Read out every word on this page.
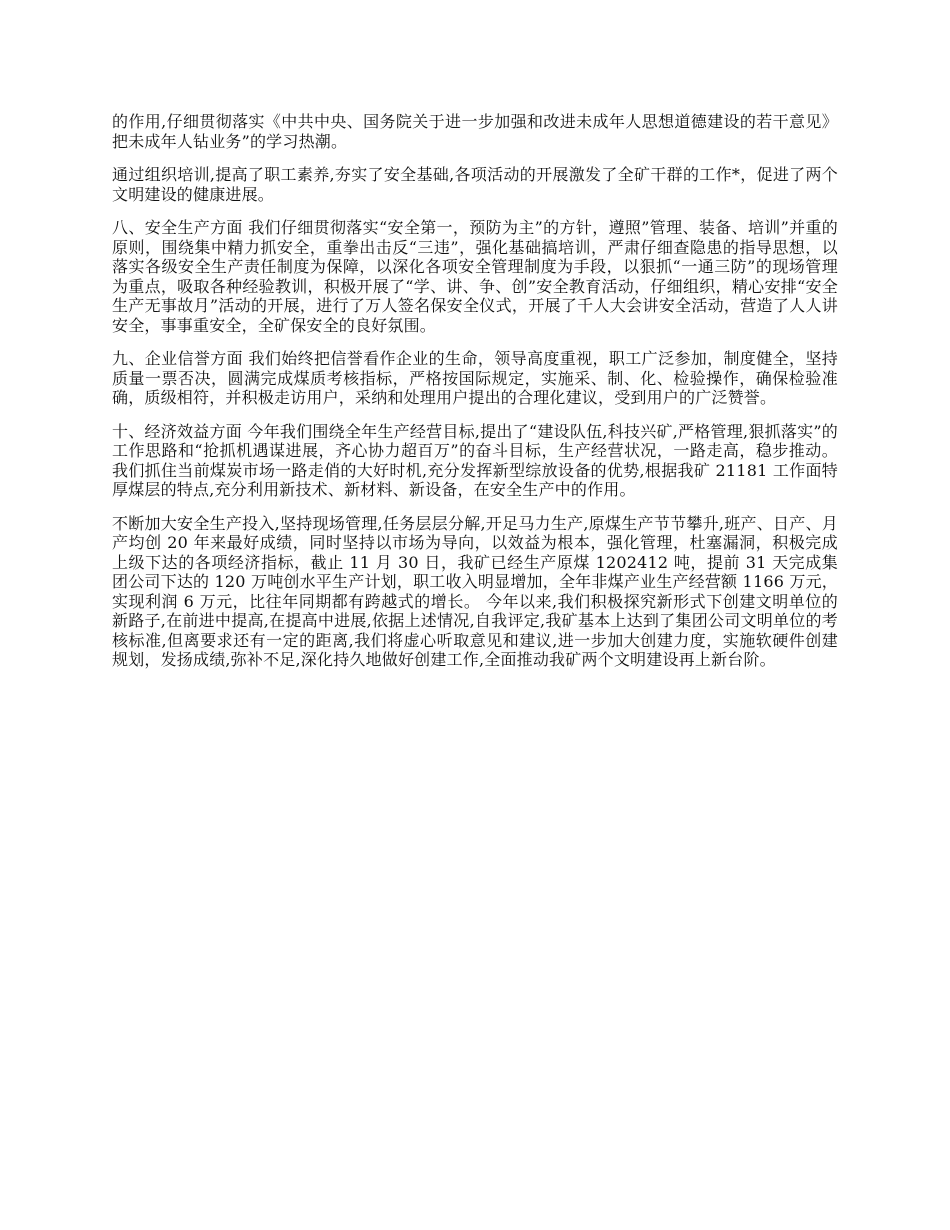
的作用,仔细贯彻落实《中共中央、国务院关于进一步加强和改进未成年人思想道德建设的若干意见》把未成年人钻业务”的学习热潮。

通过组织培训,提高了职工素养,夯实了安全基础,各项活动的开展激发了全矿干群的工作*，促进了两个文明建设的健康进展。

八、安全生产方面 我们仔细贯彻落实“安全第一，预防为主”的方针，遵照”管理、装备、培训”并重的原则，围绕集中精力抓安全，重拳出击反“三违”，强化基础搞培训，严肃仔细查隐患的指导思想，以落实各级安全生产责任制度为保障，以深化各项安全管理制度为手段，以狠抓“一通三防”的现场管理为重点，吸取各种经验教训，积极开展了“学、讲、争、创”安全教育活动，仔细组织，精心安排“安全生产无事故月”活动的开展，进行了万人签名保安全仪式，开展了千人大会讲安全活动，营造了人人讲安全，事事重安全，全矿保安全的良好氛围。

九、企业信誉方面 我们始终把信誉看作企业的生命，领导高度重视，职工广泛参加，制度健全，坚持质量一票否决，圆满完成煤质考核指标，严格按国际规定，实施采、制、化、检验操作，确保检验准确，质级相符，并积极走访用户，采纳和处理用户提出的合理化建议，受到用户的广泛赞誉。

十、经济效益方面 今年我们围绕全年生产经营目标,提出了“建设队伍,科技兴矿,严格管理,狠抓落实”的工作思路和“抢抓机遇谋进展，齐心协力超百万”的奋斗目标，生产经营状况，一路走高，稳步推动。 我们抓住当前煤炭市场一路走俏的大好时机,充分发挥新型综放设备的优势,根据我矿 21181 工作面特厚煤层的特点,充分利用新技术、新材料、新设备，在安全生产中的作用。

不断加大安全生产投入,坚持现场管理,任务层层分解,开足马力生产,原煤生产节节攀升,班产、日产、月产均创 20 年来最好成绩，同时坚持以市场为导向，以效益为根本，强化管理，杜塞漏洞，积极完成上级下达的各项经济指标，截止 11 月 30 日，我矿已经生产原煤 1202412 吨，提前 31 天完成集团公司下达的 120 万吨创水平生产计划，职工收入明显增加，全年非煤产业生产经营额 1166 万元，实现利润 6 万元，比往年同期都有跨越式的增长。 今年以来,我们积极探究新形式下创建文明单位的新路子,在前进中提高,在提高中进展,依据上述情况,自我评定,我矿基本上达到了集团公司文明单位的考核标准,但离要求还有一定的距离,我们将虚心听取意见和建议,进一步加大创建力度，实施软硬件创建规划，发扬成绩,弥补不足,深化持久地做好创建工作,全面推动我矿两个文明建设再上新台阶。
